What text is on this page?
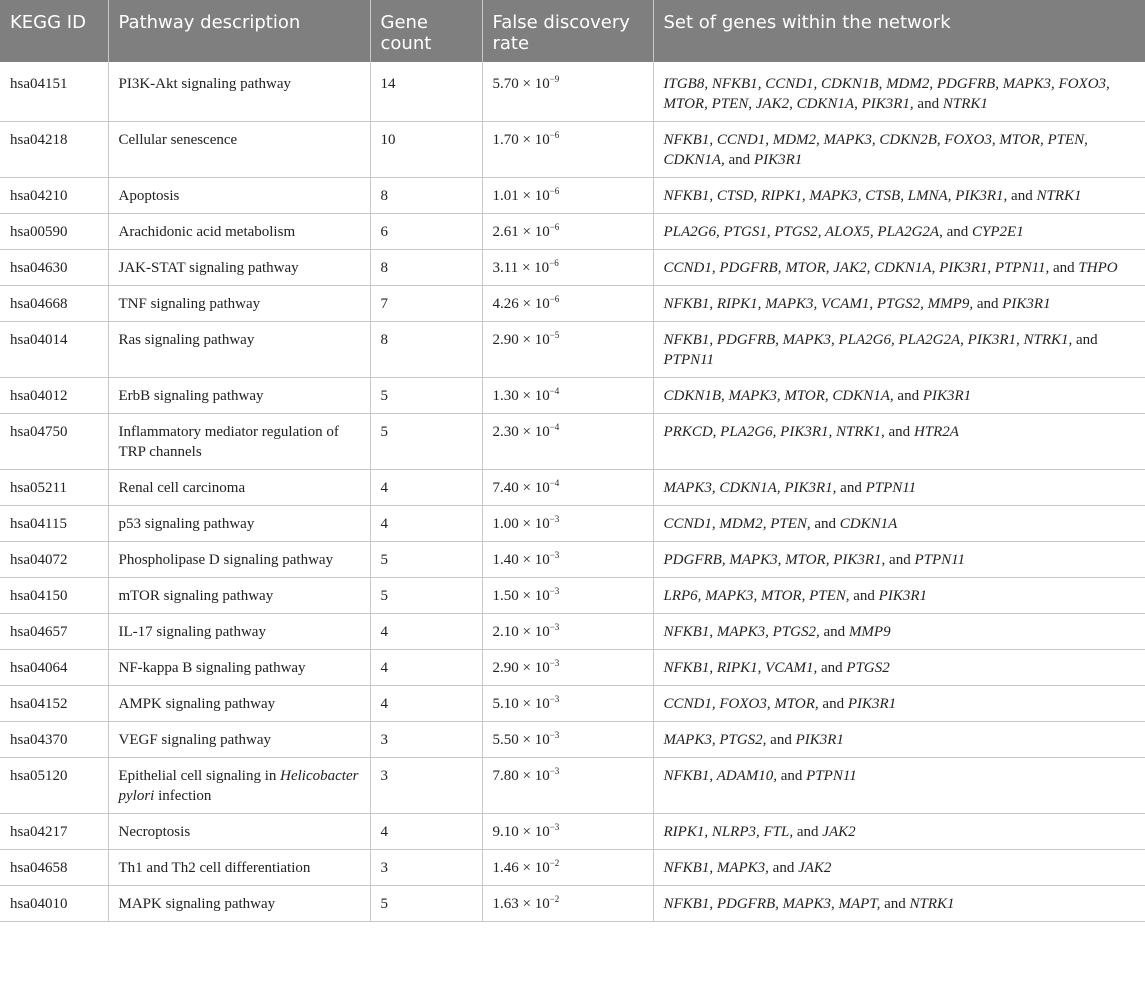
KEGG ID	Pathway description	Gene count	False discovery rate	Set of genes within the network
hsa04151	PI3K-Akt signaling pathway	14	$5.70 \times 10^{-9}$	ITGB8, NFKB1, CCND1, CDKN1B, MDM2, PDGFRB, MAPK3, FOXO3, MTOR, PTEN, JAK2, CDKN1A, PIK3R1, and NTRK1
hsa04218	Cellular senescence	10	$1.70 \times 10^{-6}$	NFKB1, CCND1, MDM2, MAPK3, CDKN2B, FOXO3, MTOR, PTEN, CDKN1A, and PIK3R1
hsa04210	Apoptosis	8	$1.01 \times 10^{-6}$	NFKB1, CTSD, RIPK1, MAPK3, CTSB, LMNA, PIK3R1, and NTRK1
hsa00590	Arachidonic acid metabolism	6	$2.61 \times 10^{-6}$	PLA2G6, PTGS1, PTGS2, ALOX5, PLA2G2A, and CYP2E1
hsa04630	JAK-STAT signaling pathway	8	$3.11 \times 10^{-6}$	CCND1, PDGFRB, MTOR, JAK2, CDKN1A, PIK3R1, PTPN11, and THPO
hsa04668	TNF signaling pathway	7	$4.26 \times 10^{-6}$	NFKB1, RIPK1, MAPK3, VCAM1, PTGS2, MMP9, and PIK3R1
hsa04014	Ras signaling pathway	8	$2.90 \times 10^{-5}$	NFKB1, PDGFRB, MAPK3, PLA2G6, PLA2G2A, PIK3R1, NTRK1, and PTPN11
hsa04012	ErbB signaling pathway	5	$1.30 \times 10^{-4}$	CDKN1B, MAPK3, MTOR, CDKN1A, and PIK3R1
hsa04750	Inflammatory mediator regulation of TRP channels	5	$2.30 \times 10^{-4}$	PRKCD, PLA2G6, PIK3R1, NTRK1, and HTR2A
hsa05211	Renal cell carcinoma	4	$7.40 \times 10^{-4}$	MAPK3, CDKN1A, PIK3R1, and PTPN11
hsa04115	p53 signaling pathway	4	$1.00 \times 10^{-3}$	CCND1, MDM2, PTEN, and CDKN1A
hsa04072	Phospholipase D signaling pathway	5	$1.40 \times 10^{-3}$	PDGFRB, MAPK3, MTOR, PIK3R1, and PTPN11
hsa04150	mTOR signaling pathway	5	$1.50 \times 10^{-3}$	LRP6, MAPK3, MTOR, PTEN, and PIK3R1
hsa04657	IL-17 signaling pathway	4	$2.10 \times 10^{-3}$	NFKB1, MAPK3, PTGS2, and MMP9
hsa04064	NF-kappa B signaling pathway	4	$2.90 \times 10^{-3}$	NFKB1, RIPK1, VCAM1, and PTGS2
hsa04152	AMPK signaling pathway	4	$5.10 \times 10^{-3}$	CCND1, FOXO3, MTOR, and PIK3R1
hsa04370	VEGF signaling pathway	3	$5.50 \times 10^{-3}$	MAPK3, PTGS2, and PIK3R1
hsa05120	Epithelial cell signaling in Helicobacter pylori infection	3	$7.80 \times 10^{-3}$	NFKB1, ADAM10, and PTPN11
hsa04217	Necroptosis	4	$9.10 \times 10^{-3}$	RIPK1, NLRP3, FTL, and JAK2
hsa04658	Th1 and Th2 cell differentiation	3	$1.46 \times 10^{-2}$	NFKB1, MAPK3, and JAK2
hsa04010	MAPK signaling pathway	5	$1.63 \times 10^{-2}$	NFKB1, PDGFRB, MAPK3, MAPT, and NTRK1
